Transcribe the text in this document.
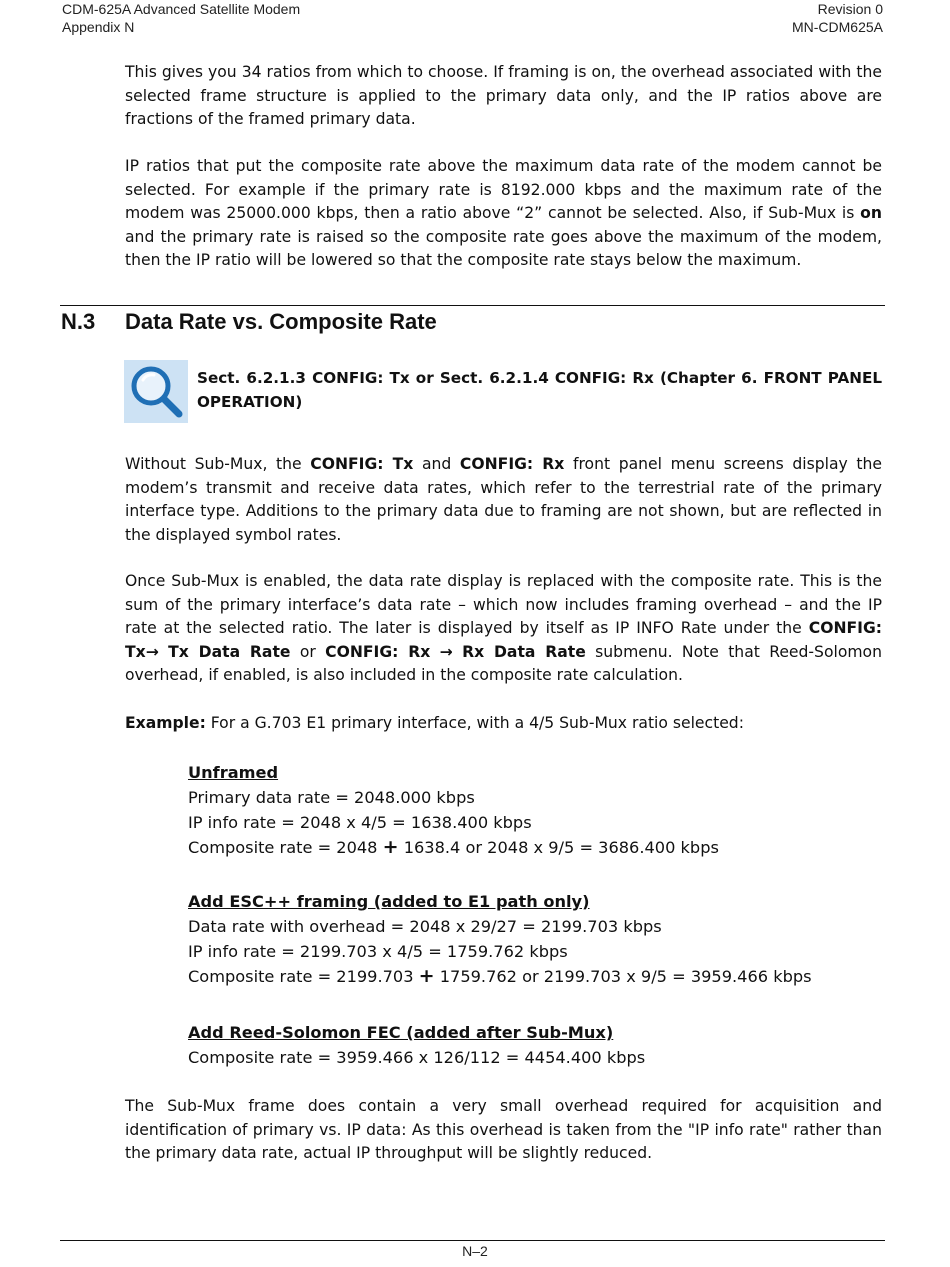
CDM-625A Advanced Satellite Modem
Appendix N
Revision 0
MN-CDM625A

This gives you 34 ratios from which to choose. If framing is on, the overhead associated with the selected frame structure is applied to the primary data only, and the IP ratios above are fractions of the framed primary data.

IP ratios that put the composite rate above the maximum data rate of the modem cannot be selected. For example if the primary rate is 8192.000 kbps and the maximum rate of the modem was 25000.000 kbps, then a ratio above “2” cannot be selected. Also, if Sub-Mux is on and the primary rate is raised so the composite rate goes above the maximum of the modem, then the IP ratio will be lowered so that the composite rate stays below the maximum.

N.3 Data Rate vs. Composite Rate

Sect. 6.2.1.3 CONFIG: Tx or Sect. 6.2.1.4 CONFIG: Rx (Chapter 6. FRONT PANEL OPERATION)

Without Sub-Mux, the CONFIG: Tx and CONFIG: Rx front panel menu screens display the modem’s transmit and receive data rates, which refer to the terrestrial rate of the primary interface type. Additions to the primary data due to framing are not shown, but are reflected in the displayed symbol rates.

Once Sub-Mux is enabled, the data rate display is replaced with the composite rate. This is the sum of the primary interface’s data rate – which now includes framing overhead – and the IP rate at the selected ratio. The later is displayed by itself as IP INFO Rate under the CONFIG: Tx→ Tx Data Rate or CONFIG: Rx → Rx Data Rate submenu. Note that Reed-Solomon overhead, if enabled, is also included in the composite rate calculation.

Example: For a G.703 E1 primary interface, with a 4/5 Sub-Mux ratio selected:

Unframed
Primary data rate = 2048.000 kbps
IP info rate = 2048 x 4/5 = 1638.400 kbps
Composite rate = 2048 + 1638.4 or 2048 x 9/5 = 3686.400 kbps
Add ESC++ framing (added to E1 path only)
Data rate with overhead = 2048 x 29/27 = 2199.703 kbps
IP info rate = 2199.703 x 4/5 = 1759.762 kbps
Composite rate = 2199.703 + 1759.762 or 2199.703 x 9/5 = 3959.466 kbps
Add Reed-Solomon FEC (added after Sub-Mux)
Composite rate = 3959.466 x 126/112 = 4454.400 kbps

The Sub-Mux frame does contain a very small overhead required for acquisition and identification of primary vs. IP data: As this overhead is taken from the "IP info rate" rather than the primary data rate, actual IP throughput will be slightly reduced.

N–2
